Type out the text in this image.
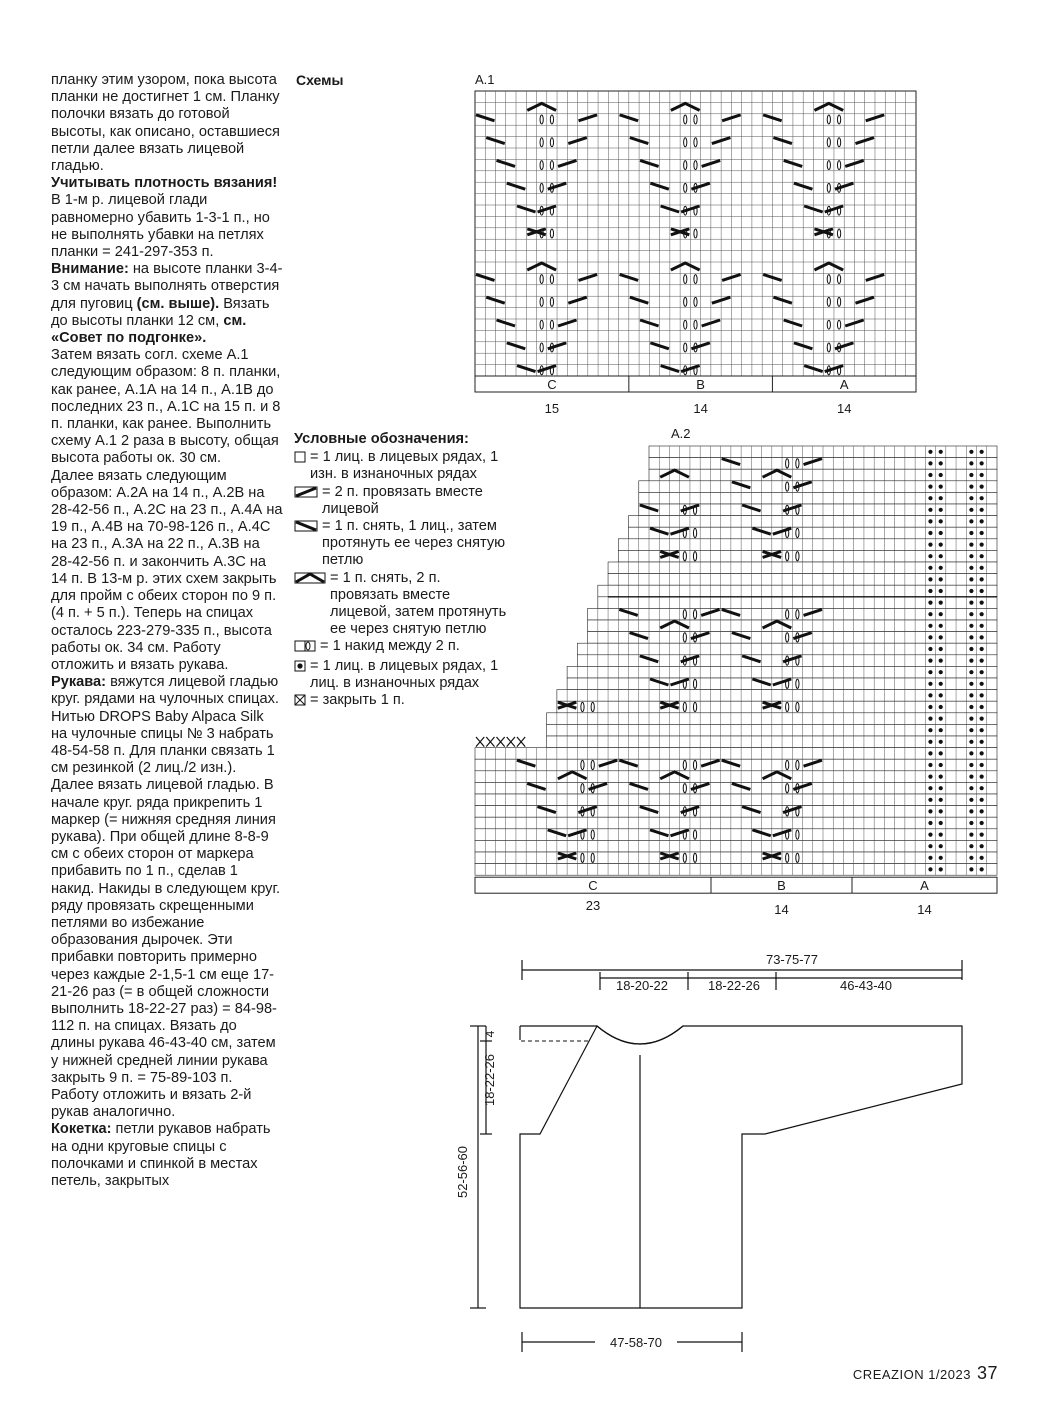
планку этим узором, пока высота планки не достигнет 1 см. Планку полочки вязать до готовой высоты, как описано, оставшиеся петли далее вязать лицевой гладью.

Учитывать плотность вязания! В 1-м р. лицевой глади равномерно убавить 1-3-1 п., но не выполнять убавки на петлях планки = 241-297-353 п.

Внимание: на высоте планки 3-4-3 см начать выполнять отверстия для пуговиц (см. выше). Вязать до высоты планки 12 см, см. «Совет по подгонке».

Затем вязать согл. схеме А.1 следующим образом: 8 п. планки, как ранее, А.1А на 14 п., А.1В до последних 23 п., А.1С на 15 п. и 8 п. планки, как ранее. Выполнить схему А.1 2 раза в высоту, общая высота работы ок. 30 см.

Далее вязать следующим образом: А.2А на 14 п., А.2В на 28-42-56 п., А.2С на 23 п., А.4А на 19 п., А.4В на 70-98-126 п., А.4С на 23 п., А.3А на 22 п., А.3В на 28-42-56 п. и закончить А.3С на 14 п. В 13-м р. этих схем закрыть для пройм с обеих сторон по 9 п. (4 п. + 5 п.). Теперь на спицах осталось 223-279-335 п., высота работы ок. 34 см. Работу отложить и вязать рукава.

Рукава: вяжутся лицевой гладью круг. рядами на чулочных спицах.

Нитью DROPS Baby Alpaca Silk на чулочные спицы № 3 набрать 48-54-58 п. Для планки связать 1 см резинкой (2 лиц./2 изн.). Далее вязать лицевой гладью. В начале круг. ряда прикрепить 1 маркер (= нижняя средняя линия рукава). При общей длине 8-8-9 см с обеих сторон от маркера прибавить по 1 п., сделав 1 накид. Накиды в следующем круг. ряду провязать скрещенными петлями во избежание образования дырочек. Эти прибавки повторить примерно через каждые 2-1,5-1 см еще 17-21-26 раз (= в общей сложности выполнить 18-22-27 раз) = 84-98-112 п. на спицах. Вязать до длины рукава 46-43-40 см, затем у нижней средней линии рукава закрыть 9 п. = 75-89-103 п.

Работу отложить и вязать 2-й рукав аналогично.

Кокетка: петли рукавов набрать на одни круговые спицы с полочками и спинкой в местах петель, закрытых

Схемы
Условные обозначения:
= 1 лиц. в лицевых рядах, 1 изн. в изнаночных рядах
= 2 п. провязать вместе лицевой
= 1 п. снять, 1 лиц., затем протянуть ее через снятую петлю
= 1 п. снять, 2 п. провязать вместе лицевой, затем протянуть ее через снятую петлю
= 1 накид между 2 п.
= 1 лиц. в лицевых рядах, 1 лиц. в изнаночных рядах
= закрыть 1 п.
А.1
А.2
C
15
B
14
A
14
C
23
B
14
A
14
73-75-77
18-20-22	18-22-26	46-43-40
4
18-22-26
52-56-60
47-58-70
CREAZION 1/2023 37
